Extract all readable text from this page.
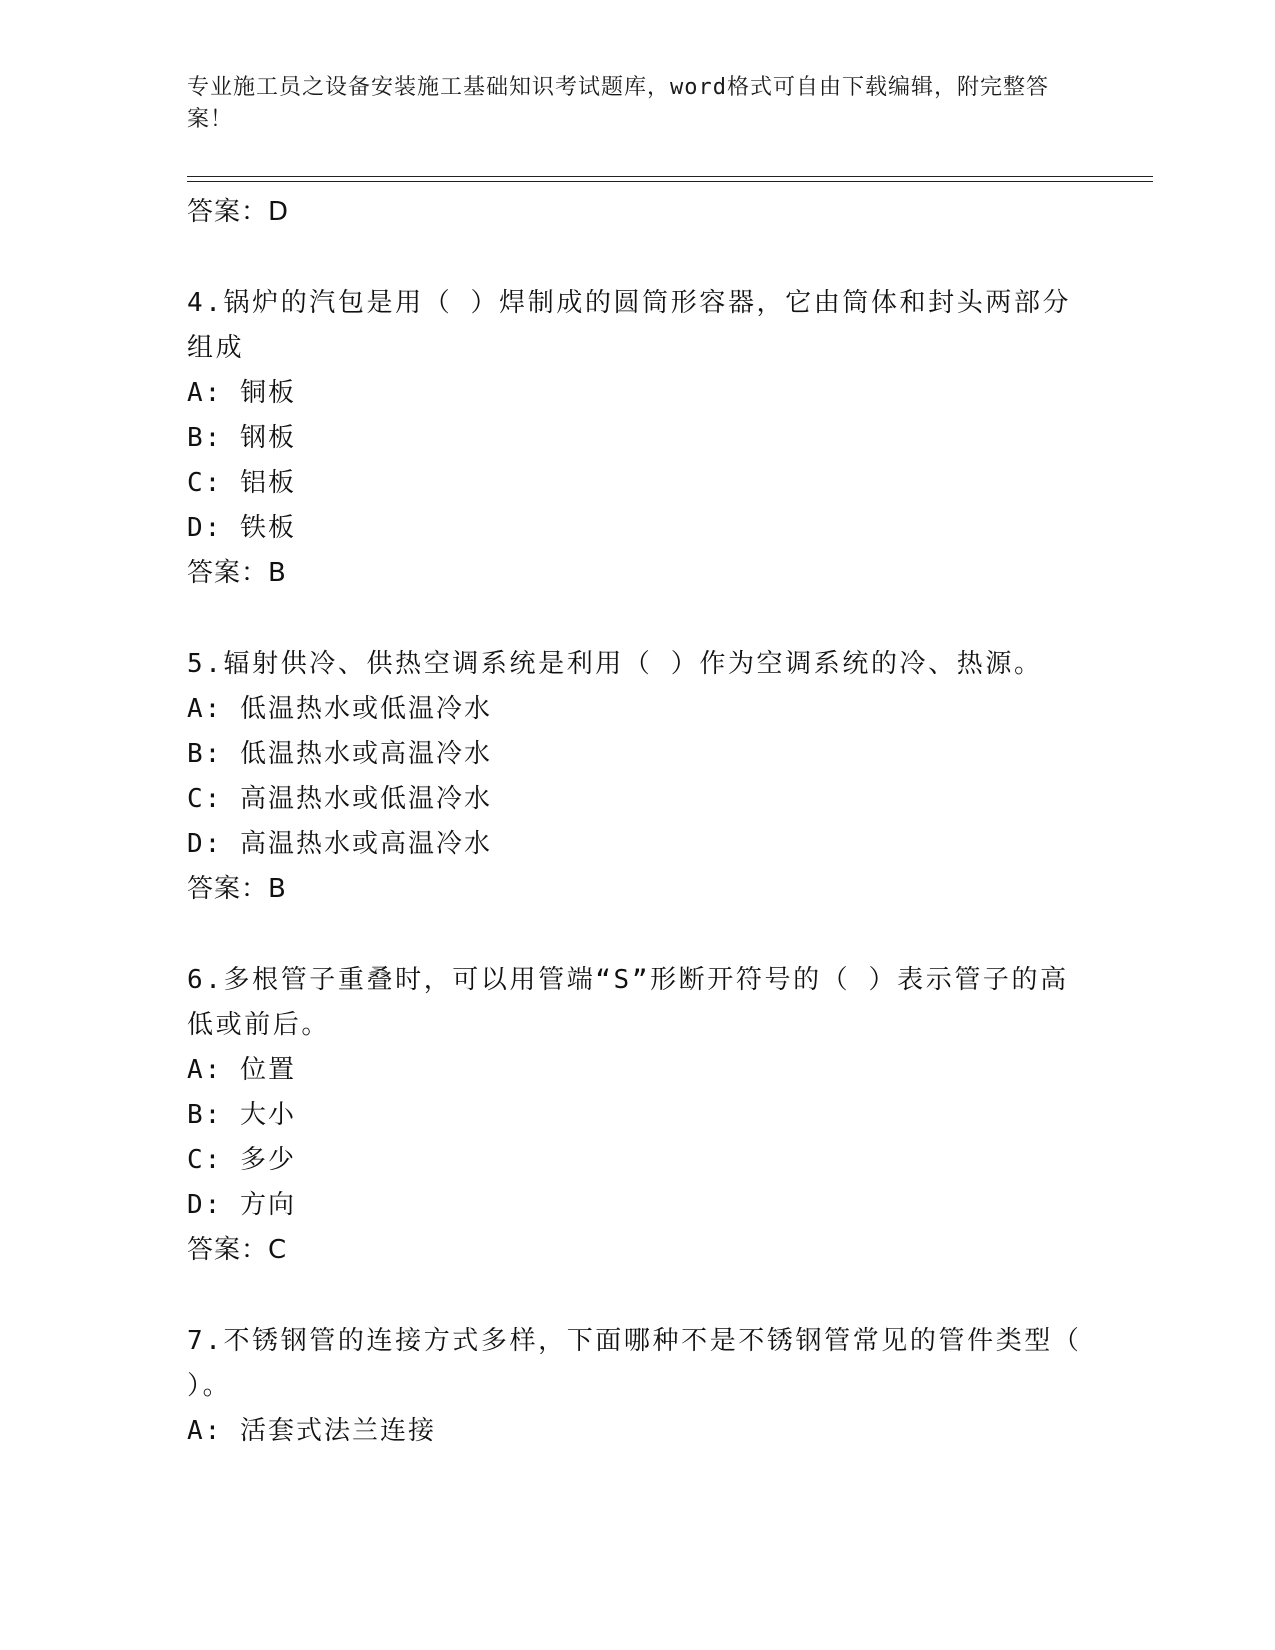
专业施工员之设备安装施工基础知识考试题库，word格式可自由下载编辑，附完整答案！
答案：D
4.锅炉的汽包是用（ ）焊制成的圆筒形容器，它由筒体和封头两部分组成
A: 铜板
B: 钢板
C: 铝板
D: 铁板
答案：B
5.辐射供冷、供热空调系统是利用（ ）作为空调系统的冷、热源。
A: 低温热水或低温冷水
B: 低温热水或高温冷水
C: 高温热水或低温冷水
D: 高温热水或高温冷水
答案：B
6.多根管子重叠时，可以用管端“S”形断开符号的（ ）表示管子的高低或前后。
A: 位置
B: 大小
C: 多少
D: 方向
答案：C
7.不锈钢管的连接方式多样，下面哪种不是不锈钢管常见的管件类型（ ）。
A: 活套式法兰连接
